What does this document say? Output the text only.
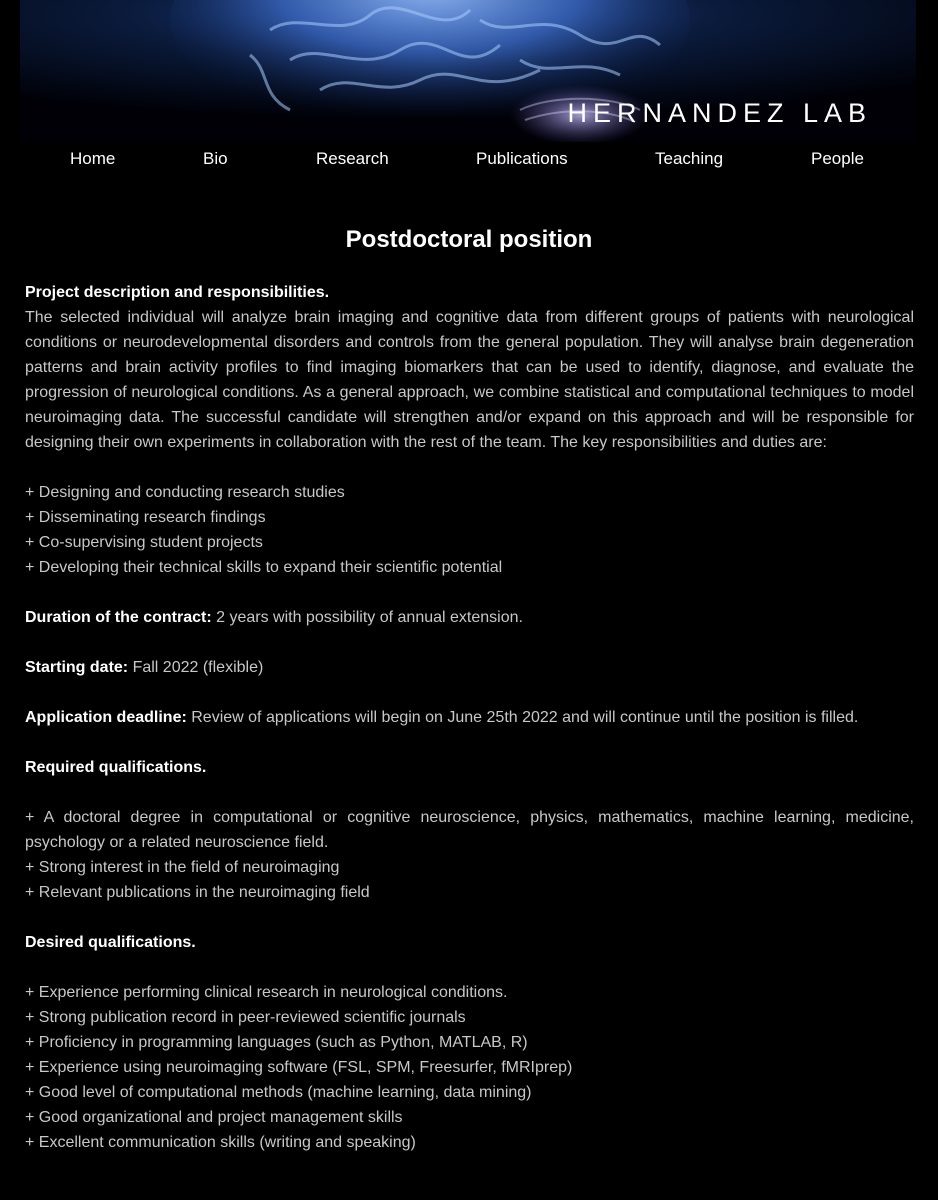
HERNANDEZ LAB
Home	Bio	Research	Publications	Teaching	People
Postdoctoral position

Project description and responsibilities.

The selected individual will analyze brain imaging and cognitive data from different groups of patients with neurological conditions or neurodevelopmental disorders and controls from the general population. They will analyse brain degeneration patterns and brain activity profiles to find imaging biomarkers that can be used to identify, diagnose, and evaluate the progression of neurological conditions. As a general approach, we combine statistical and computational techniques to model neuroimaging data. The successful candidate will strengthen and/or expand on this approach and will be responsible for designing their own experiments in collaboration with the rest of the team. The key responsibilities and duties are:

+ Designing and conducting research studies

+ Disseminating research findings

+ Co-supervising student projects

+ Developing their technical skills to expand their scientific potential

Duration of the contract: 2 years with possibility of annual extension.

Starting date: Fall 2022 (flexible)

Application deadline: Review of applications will begin on June 25th 2022 and will continue until the position is filled.

Required qualifications.

+ A doctoral degree in computational or cognitive neuroscience, physics, mathematics, machine learning, medicine, psychology or a related neuroscience field.

+ Strong interest in the field of neuroimaging

+ Relevant publications in the neuroimaging field

Desired qualifications.

+ Experience performing clinical research in neurological conditions.

+ Strong publication record in peer-reviewed scientific journals

+ Proficiency in programming languages (such as Python, MATLAB, R)

+ Experience using neuroimaging software (FSL, SPM, Freesurfer, fMRIprep)

+ Good level of computational methods (machine learning, data mining)

+ Good organizational and project management skills

+ Excellent communication skills (writing and speaking)
